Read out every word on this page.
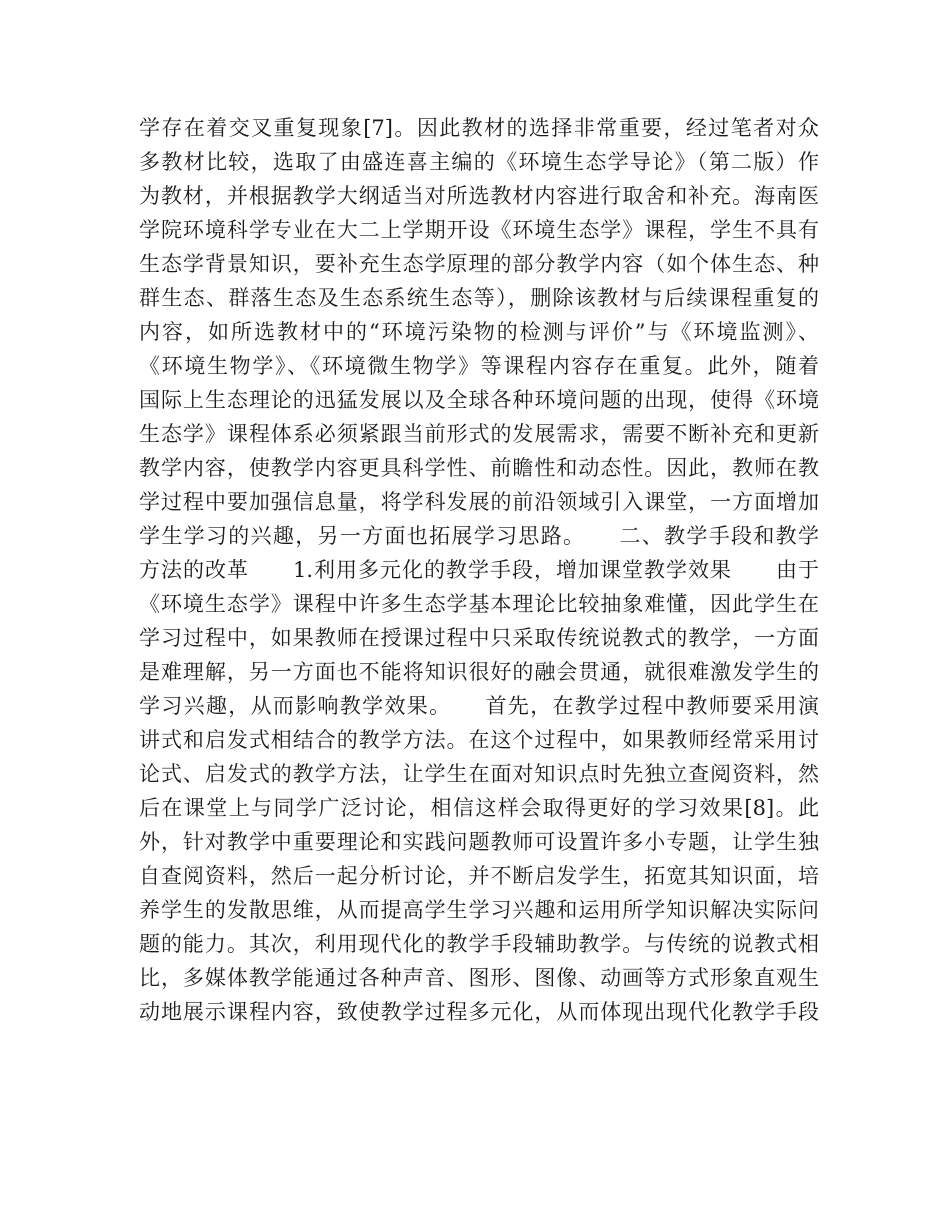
学存在着交叉重复现象[7]。因此教材的选择非常重要，经过笔者对众
多教材比较，选取了由盛连喜主编的《环境生态学导论》（第二版）作
为教材，并根据教学大纲适当对所选教材内容进行取舍和补充。海南医
学院环境科学专业在大二上学期开设《环境生态学》课程，学生不具有
生态学背景知识，要补充生态学原理的部分教学内容（如个体生态、种
群生态、群落生态及生态系统生态等），删除该教材与后续课程重复的
内容，如所选教材中的“环境污染物的检测与评价”与《环境监测》、
《环境生物学》、《环境微生物学》等课程内容存在重复。此外，随着
国际上生态理论的迅猛发展以及全球各种环境问题的出现，使得《环境
生态学》课程体系必须紧跟当前形式的发展需求，需要不断补充和更新
教学内容，使教学内容更具科学性、前瞻性和动态性。因此，教师在教
学过程中要加强信息量，将学科发展的前沿领域引入课堂，一方面增加
学生学习的兴趣，另一方面也拓展学习思路。　　二、教学手段和教学
方法的改革　　1.利用多元化的教学手段，增加课堂教学效果　　由于
《环境生态学》课程中许多生态学基本理论比较抽象难懂，因此学生在
学习过程中，如果教师在授课过程中只采取传统说教式的教学，一方面
是难理解，另一方面也不能将知识很好的融会贯通，就很难激发学生的
学习兴趣，从而影响教学效果。　　首先，在教学过程中教师要采用演
讲式和启发式相结合的教学方法。在这个过程中，如果教师经常采用讨
论式、启发式的教学方法，让学生在面对知识点时先独立查阅资料，然
后在课堂上与同学广泛讨论，相信这样会取得更好的学习效果[8]。此
外，针对教学中重要理论和实践问题教师可设置许多小专题，让学生独
自查阅资料，然后一起分析讨论，并不断启发学生，拓宽其知识面，培
养学生的发散思维，从而提高学生学习兴趣和运用所学知识解决实际问
题的能力。其次，利用现代化的教学手段辅助教学。与传统的说教式相
比，多媒体教学能通过各种声音、图形、图像、动画等方式形象直观生
动地展示课程内容，致使教学过程多元化，从而体现出现代化教学手段
